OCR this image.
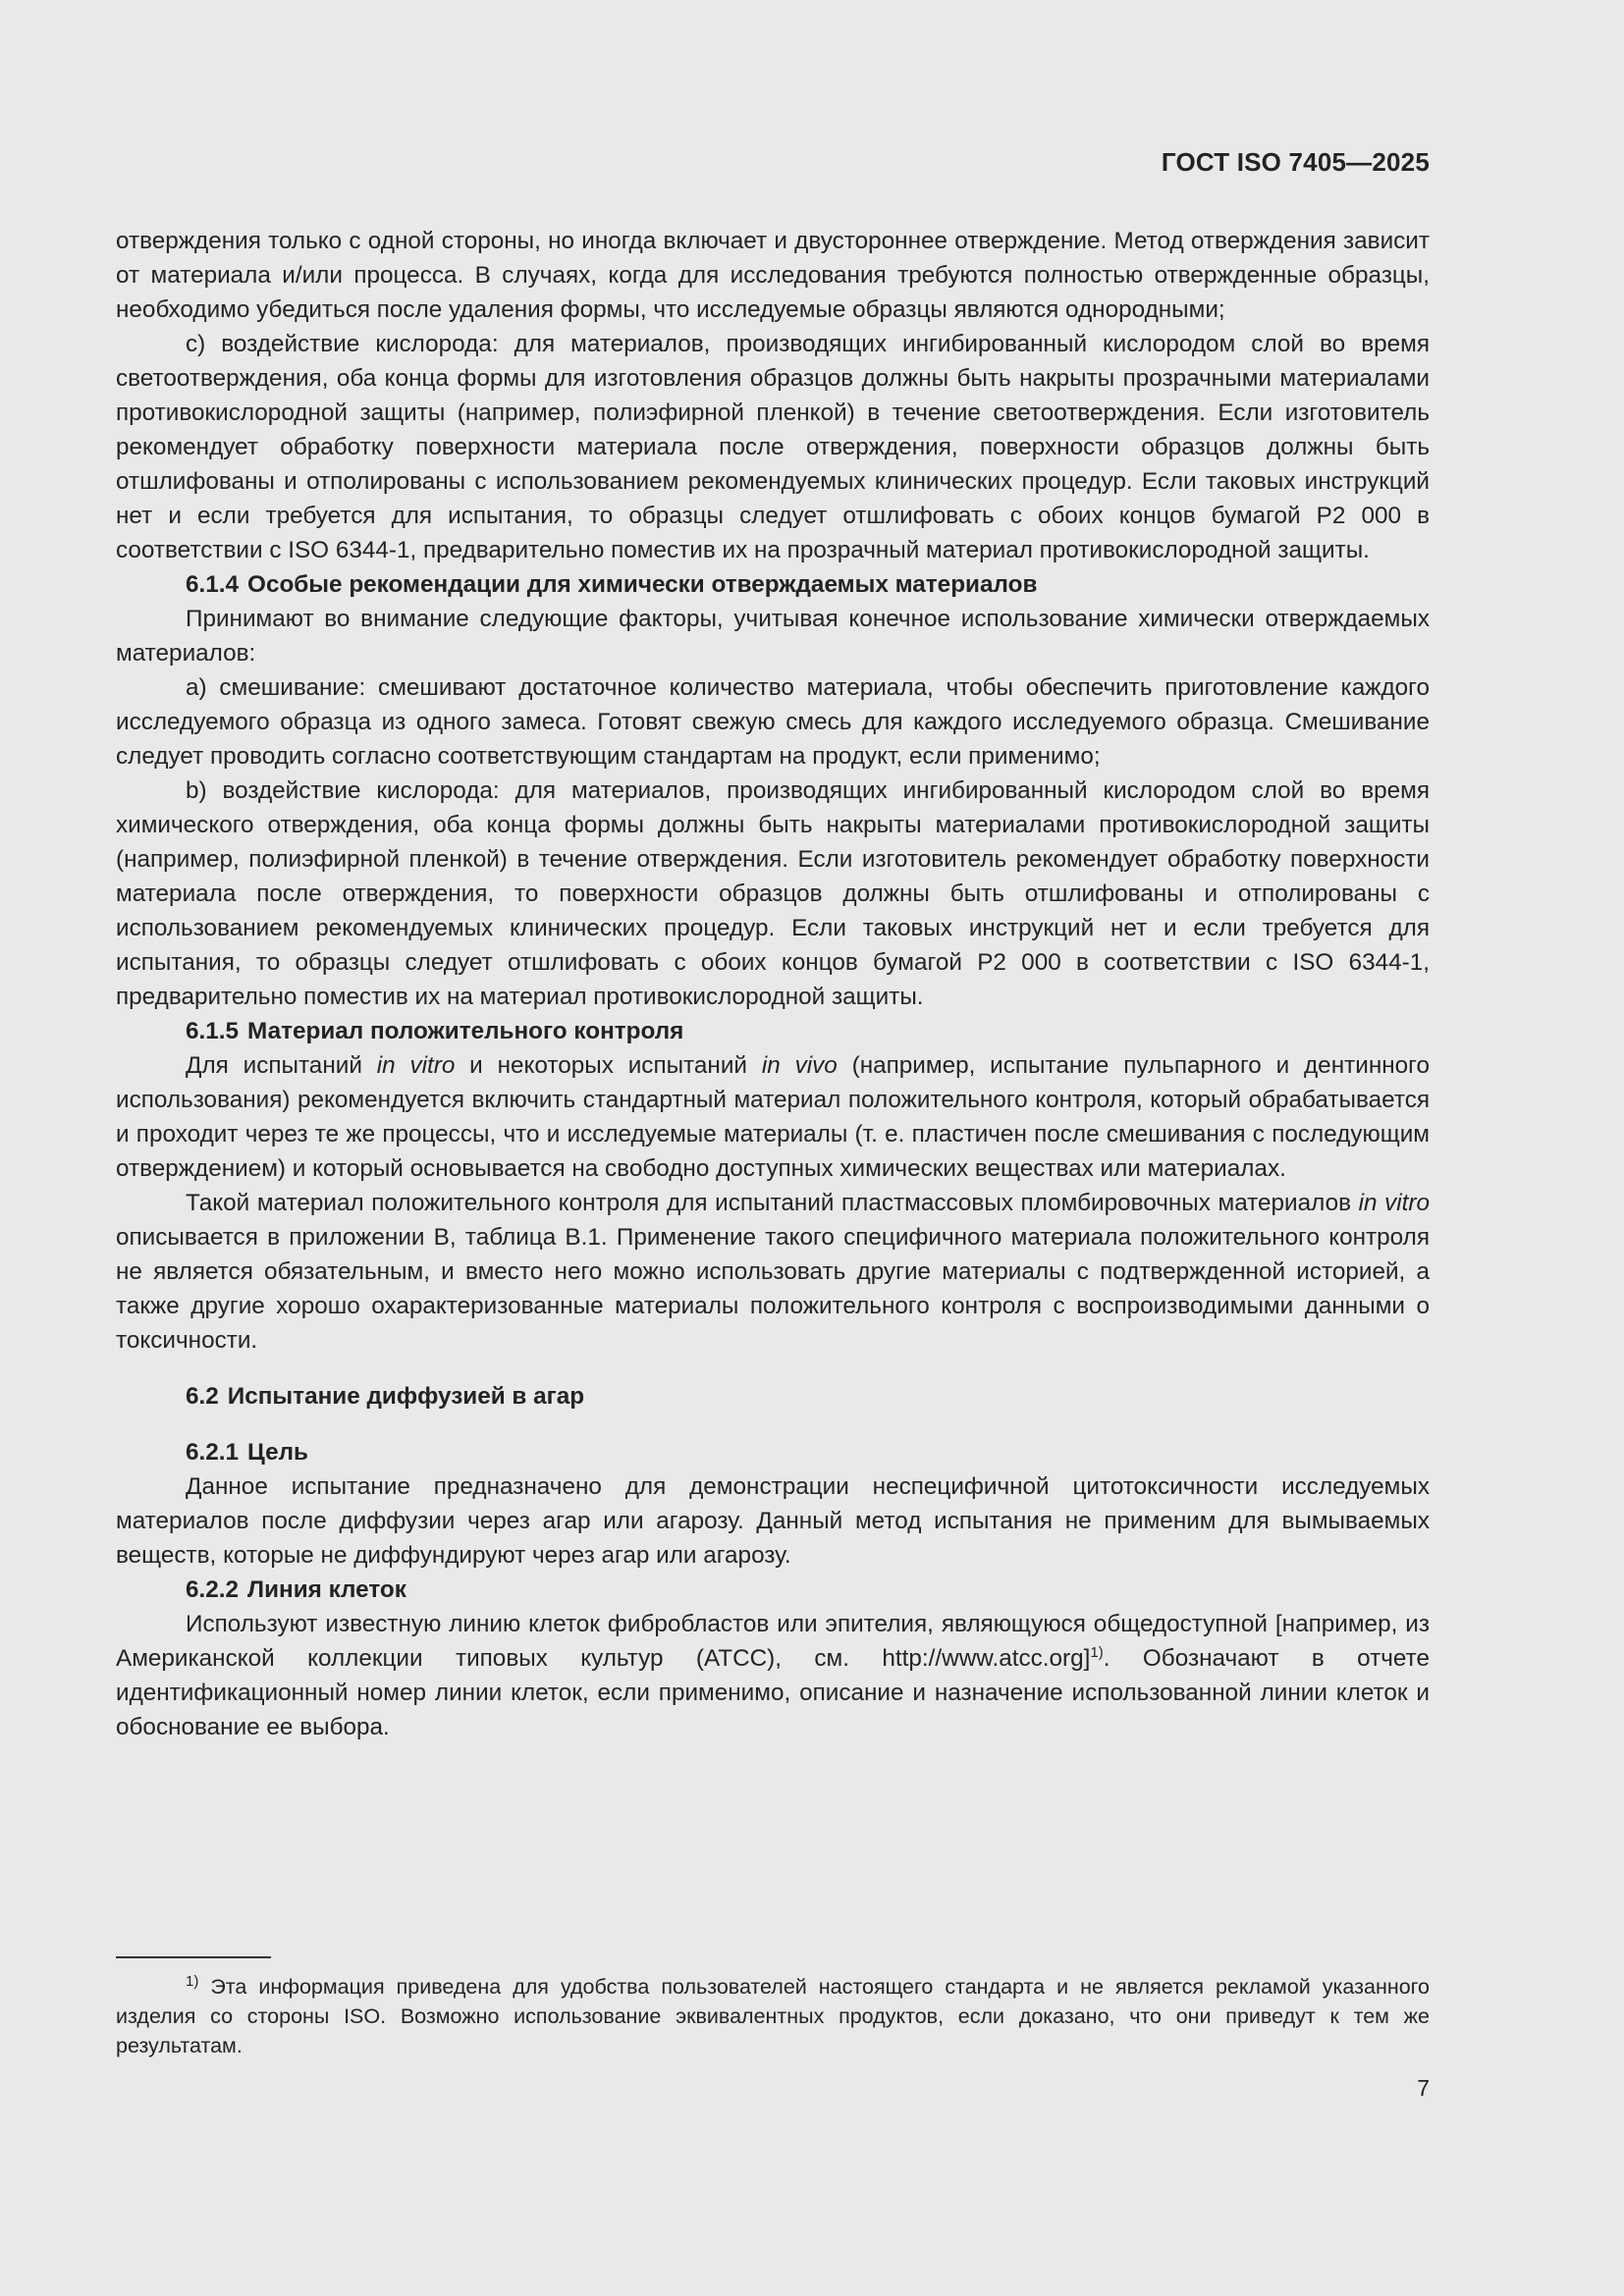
ГОСТ ISO 7405—2025

отверждения только с одной стороны, но иногда включает и двустороннее отверждение. Метод отверждения зависит от материала и/или процесса. В случаях, когда для исследования требуются полностью отвержденные образцы, необходимо убедиться после удаления формы, что исследуемые образцы являются однородными;

c) воздействие кислорода: для материалов, производящих ингибированный кислородом слой во время светоотверждения, оба конца формы для изготовления образцов должны быть накрыты прозрачными материалами противокислородной защиты (например, полиэфирной пленкой) в течение светоотверждения. Если изготовитель рекомендует обработку поверхности материала после отверждения, поверхности образцов должны быть отшлифованы и отполированы с использованием рекомендуемых клинических процедур. Если таковых инструкций нет и если требуется для испытания, то образцы следует отшлифовать с обоих концов бумагой Р2 000 в соответствии с ISO 6344-1, предварительно поместив их на прозрачный материал противокислородной защиты.

6.1.4 Особые рекомендации для химически отверждаемых материалов

Принимают во внимание следующие факторы, учитывая конечное использование химически отверждаемых материалов:

a) смешивание: смешивают достаточное количество материала, чтобы обеспечить приготовление каждого исследуемого образца из одного замеса. Готовят свежую смесь для каждого исследуемого образца. Смешивание следует проводить согласно соответствующим стандартам на продукт, если применимо;

b) воздействие кислорода: для материалов, производящих ингибированный кислородом слой во время химического отверждения, оба конца формы должны быть накрыты материалами противокислородной защиты (например, полиэфирной пленкой) в течение отверждения. Если изготовитель рекомендует обработку поверхности материала после отверждения, то поверхности образцов должны быть отшлифованы и отполированы с использованием рекомендуемых клинических процедур. Если таковых инструкций нет и если требуется для испытания, то образцы следует отшлифовать с обоих концов бумагой Р2 000 в соответствии с ISO 6344-1, предварительно поместив их на материал противокислородной защиты.

6.1.5 Материал положительного контроля

Для испытаний in vitro и некоторых испытаний in vivo (например, испытание пульпарного и дентинного использования) рекомендуется включить стандартный материал положительного контроля, который обрабатывается и проходит через те же процессы, что и исследуемые материалы (т. е. пластичен после смешивания с последующим отверждением) и который основывается на свободно доступных химических веществах или материалах.

Такой материал положительного контроля для испытаний пластмассовых пломбировочных материалов in vitro описывается в приложении В, таблица В.1. Применение такого специфичного материала положительного контроля не является обязательным, и вместо него можно использовать другие материалы с подтвержденной историей, а также другие хорошо охарактеризованные материалы положительного контроля с воспроизводимыми данными о токсичности.

6.2 Испытание диффузией в агар

6.2.1 Цель

Данное испытание предназначено для демонстрации неспецифичной цитотоксичности исследуемых материалов после диффузии через агар или агарозу. Данный метод испытания не применим для вымываемых веществ, которые не диффундируют через агар или агарозу.

6.2.2 Линия клеток

Используют известную линию клеток фибробластов или эпителия, являющуюся общедоступной [например, из Американской коллекции типовых культур (АТСС), см. http://www.atcc.org]$^{1)}$. Обозначают в отчете идентификационный номер линии клеток, если применимо, описание и назначение использованной линии клеток и обоснование ее выбора.

$^{1)}$ Эта информация приведена для удобства пользователей настоящего стандарта и не является рекламой указанного изделия со стороны ISO. Возможно использование эквивалентных продуктов, если доказано, что они приведут к тем же результатам.

7
